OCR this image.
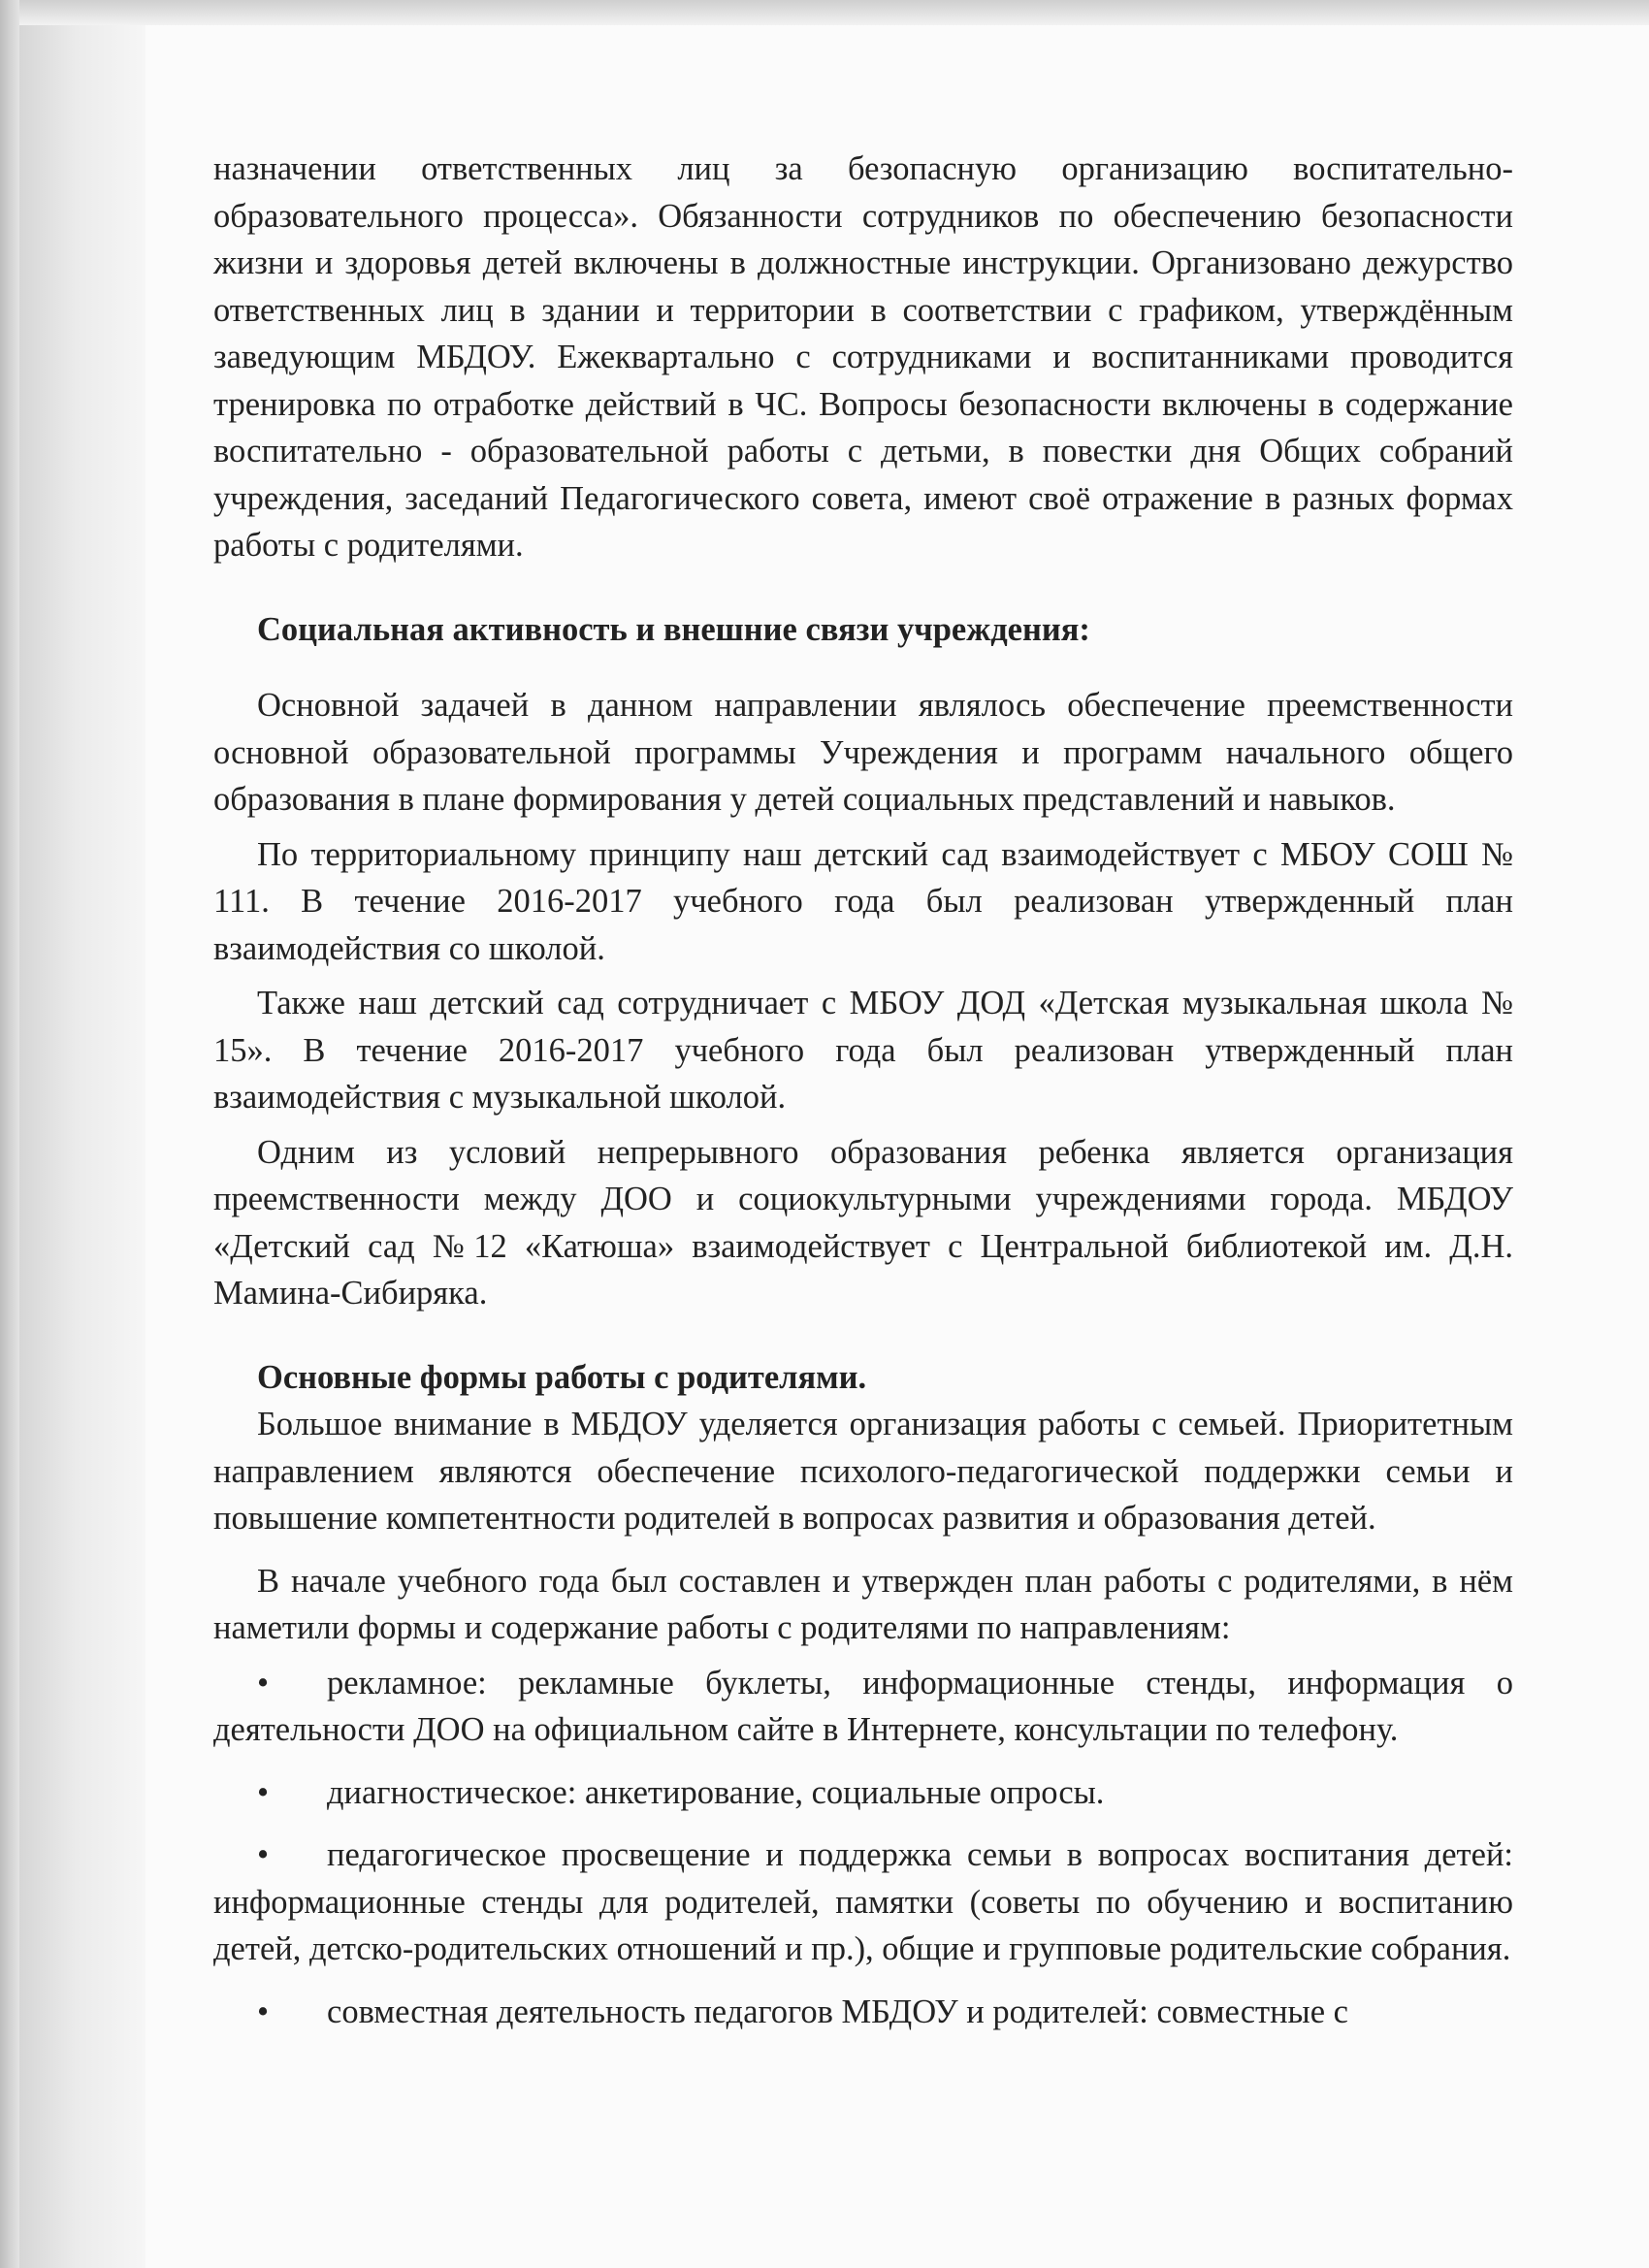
назначении ответственных лиц за безопасную организацию воспитательно-образовательного процесса». Обязанности сотрудников по обеспечению безопасности жизни и здоровья детей включены в должностные инструкции. Организовано дежурство ответственных лиц в здании и территории в соответствии с графиком, утверждённым заведующим МБДОУ. Ежеквартально с сотрудниками и воспитанниками проводится тренировка по отработке действий в ЧС. Вопросы безопасности включены в содержание воспитательно - образовательной работы с детьми, в повестки дня Общих собраний учреждения, заседаний Педагогического совета, имеют своё отражение в разных формах работы с родителями.

Социальная активность и внешние связи учреждения:

Основной задачей в данном направлении являлось обеспечение преемственности основной образовательной программы Учреждения и программ начального общего образования в плане формирования у детей социальных представлений и навыков.

По территориальному принципу наш детский сад взаимодействует с МБОУ СОШ № 111. В течение 2016-2017 учебного года был реализован утвержденный план взаимодействия со школой.

Также наш детский сад сотрудничает с МБОУ ДОД «Детская музыкальная школа № 15». В течение 2016-2017 учебного года был реализован утвержденный план взаимодействия с музыкальной школой.

Одним из условий непрерывного образования ребенка является организация преемственности между ДОО и социокультурными учреждениями города. МБДОУ «Детский сад №12 «Катюша» взаимодействует с Центральной библиотекой им. Д.Н. Мамина-Сибиряка.

Основные формы работы с родителями.

Большое внимание в МБДОУ уделяется организация работы с семьей. Приоритетным направлением являются обеспечение психолого-педагогической поддержки семьи и повышение компетентности родителей в вопросах развития и образования детей.

В начале учебного года был составлен и утвержден план работы с родителями, в нём наметили формы и содержание работы с родителями по направлениям:

• рекламное: рекламные буклеты, информационные стенды, информация о деятельности ДОО на официальном сайте в Интернете, консультации по телефону.

• диагностическое: анкетирование, социальные опросы.

• педагогическое просвещение и поддержка семьи в вопросах воспитания детей: информационные стенды для родителей, памятки (советы по обучению и воспитанию детей, детско-родительских отношений и пр.), общие и групповые родительские собрания.

• совместная деятельность педагогов МБДОУ и родителей: совместные с
